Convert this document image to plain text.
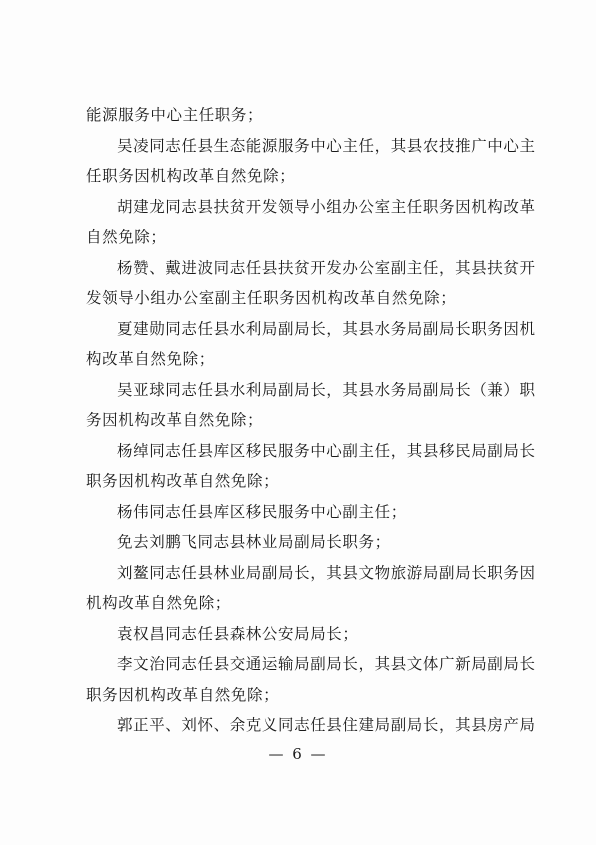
能源服务中心主任职务；
吴凌同志任县生态能源服务中心主任，其县农技推广中心主
任职务因机构改革自然免除；
胡建龙同志县扶贫开发领导小组办公室主任职务因机构改革
自然免除；
杨赞、戴进波同志任县扶贫开发办公室副主任，其县扶贫开
发领导小组办公室副主任职务因机构改革自然免除；
夏建勋同志任县水利局副局长，其县水务局副局长职务因机
构改革自然免除；
吴亚球同志任县水利局副局长，其县水务局副局长（兼）职
务因机构改革自然免除；
杨绰同志任县库区移民服务中心副主任，其县移民局副局长
职务因机构改革自然免除；
杨伟同志任县库区移民服务中心副主任；
免去刘鹏飞同志县林业局副局长职务；
刘鳌同志任县林业局副局长，其县文物旅游局副局长职务因
机构改革自然免除；
袁权昌同志任县森林公安局局长；
李文治同志任县交通运输局副局长，其县文体广新局副局长
职务因机构改革自然免除；
郭正平、刘怀、余克义同志任县住建局副局长，其县房产局
— 6 —
